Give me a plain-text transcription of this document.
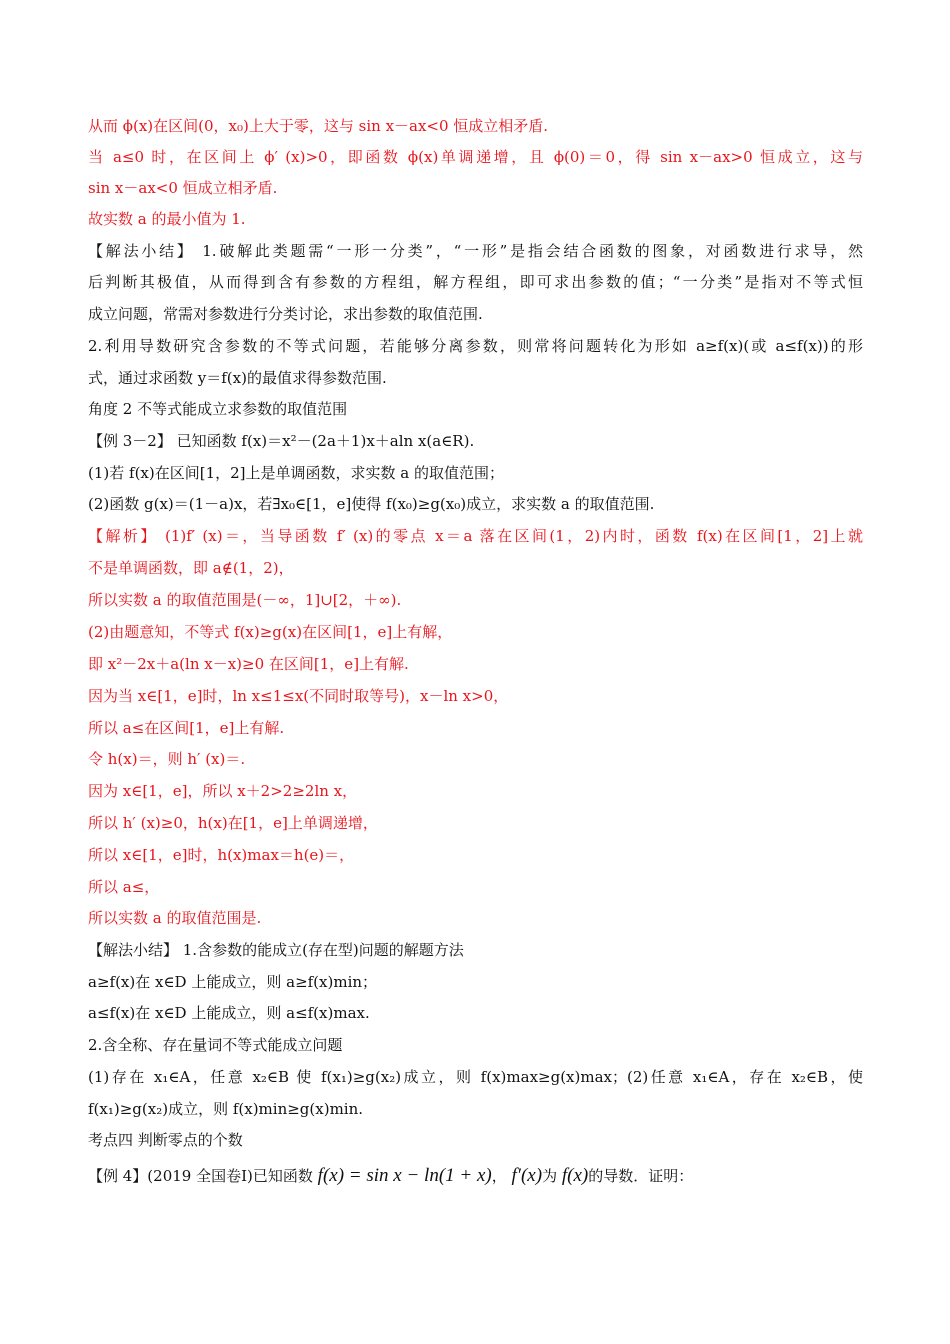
从而 ϕ(x)在区间(0，x₀)上大于零，这与 sin x－ax<0 恒成立相矛盾.
当 a≤0 时，在区间上 ϕ′ (x)>0，即函数 ϕ(x)单调递增，且 ϕ(0)＝0，得 sin x－ax>0 恒成立，这与
sin x－ax<0 恒成立相矛盾.
故实数 a 的最小值为 1.
【解法小结】 1.破解此类题需“一形一分类”，“一形”是指会结合函数的图象，对函数进行求导，然
后判断其极值，从而得到含有参数的方程组，解方程组，即可求出参数的值；“一分类”是指对不等式恒
成立问题，常需对参数进行分类讨论，求出参数的取值范围.
2.利用导数研究含参数的不等式问题，若能够分离参数，则常将问题转化为形如 a≥f(x)(或 a≤f(x))的形
式，通过求函数 y＝f(x)的最值求得参数范围.
角度 2 不等式能成立求参数的取值范围
【例 3－2】 已知函数 f(x)＝x²－(2a＋1)x＋aln x(a∈R).
(1)若 f(x)在区间[1，2]上是单调函数，求实数 a 的取值范围；
(2)函数 g(x)＝(1－a)x，若∃x₀∈[1，e]使得 f(x₀)≥g(x₀)成立，求实数 a 的取值范围.
【解析】 (1)f′ (x)＝，当导函数 f′ (x)的零点 x＝a 落在区间(1，2)内时，函数 f(x)在区间[1，2]上就
不是单调函数，即 a∉(1，2)，
所以实数 a 的取值范围是(－∞，1]∪[2，＋∞).
(2)由题意知，不等式 f(x)≥g(x)在区间[1，e]上有解，
即 x²－2x＋a(ln x－x)≥0 在区间[1，e]上有解.
因为当 x∈[1，e]时，ln x≤1≤x(不同时取等号)，x－ln x>0，
所以 a≤在区间[1，e]上有解.
令 h(x)＝，则 h′ (x)＝.
因为 x∈[1，e]，所以 x＋2>2≥2ln x，
所以 h′ (x)≥0，h(x)在[1，e]上单调递增，
所以 x∈[1，e]时，h(x)max＝h(e)＝，
所以 a≤，
所以实数 a 的取值范围是.
【解法小结】 1.含参数的能成立(存在型)问题的解题方法
a≥f(x)在 x∈D 上能成立，则 a≥f(x)min；
a≤f(x)在 x∈D 上能成立，则 a≤f(x)max.
2.含全称、存在量词不等式能成立问题
(1)存在 x₁∈A，任意 x₂∈B 使 f(x₁)≥g(x₂)成立，则 f(x)max≥g(x)max；(2)任意 x₁∈A，存在 x₂∈B，使
f(x₁)≥g(x₂)成立，则 f(x)min≥g(x)min.
考点四 判断零点的个数
【例 4】(2019 全国卷Ⅰ)已知函数 f(x) = sin x − ln(1 + x)， f′(x)为 f(x)的导数．证明：
